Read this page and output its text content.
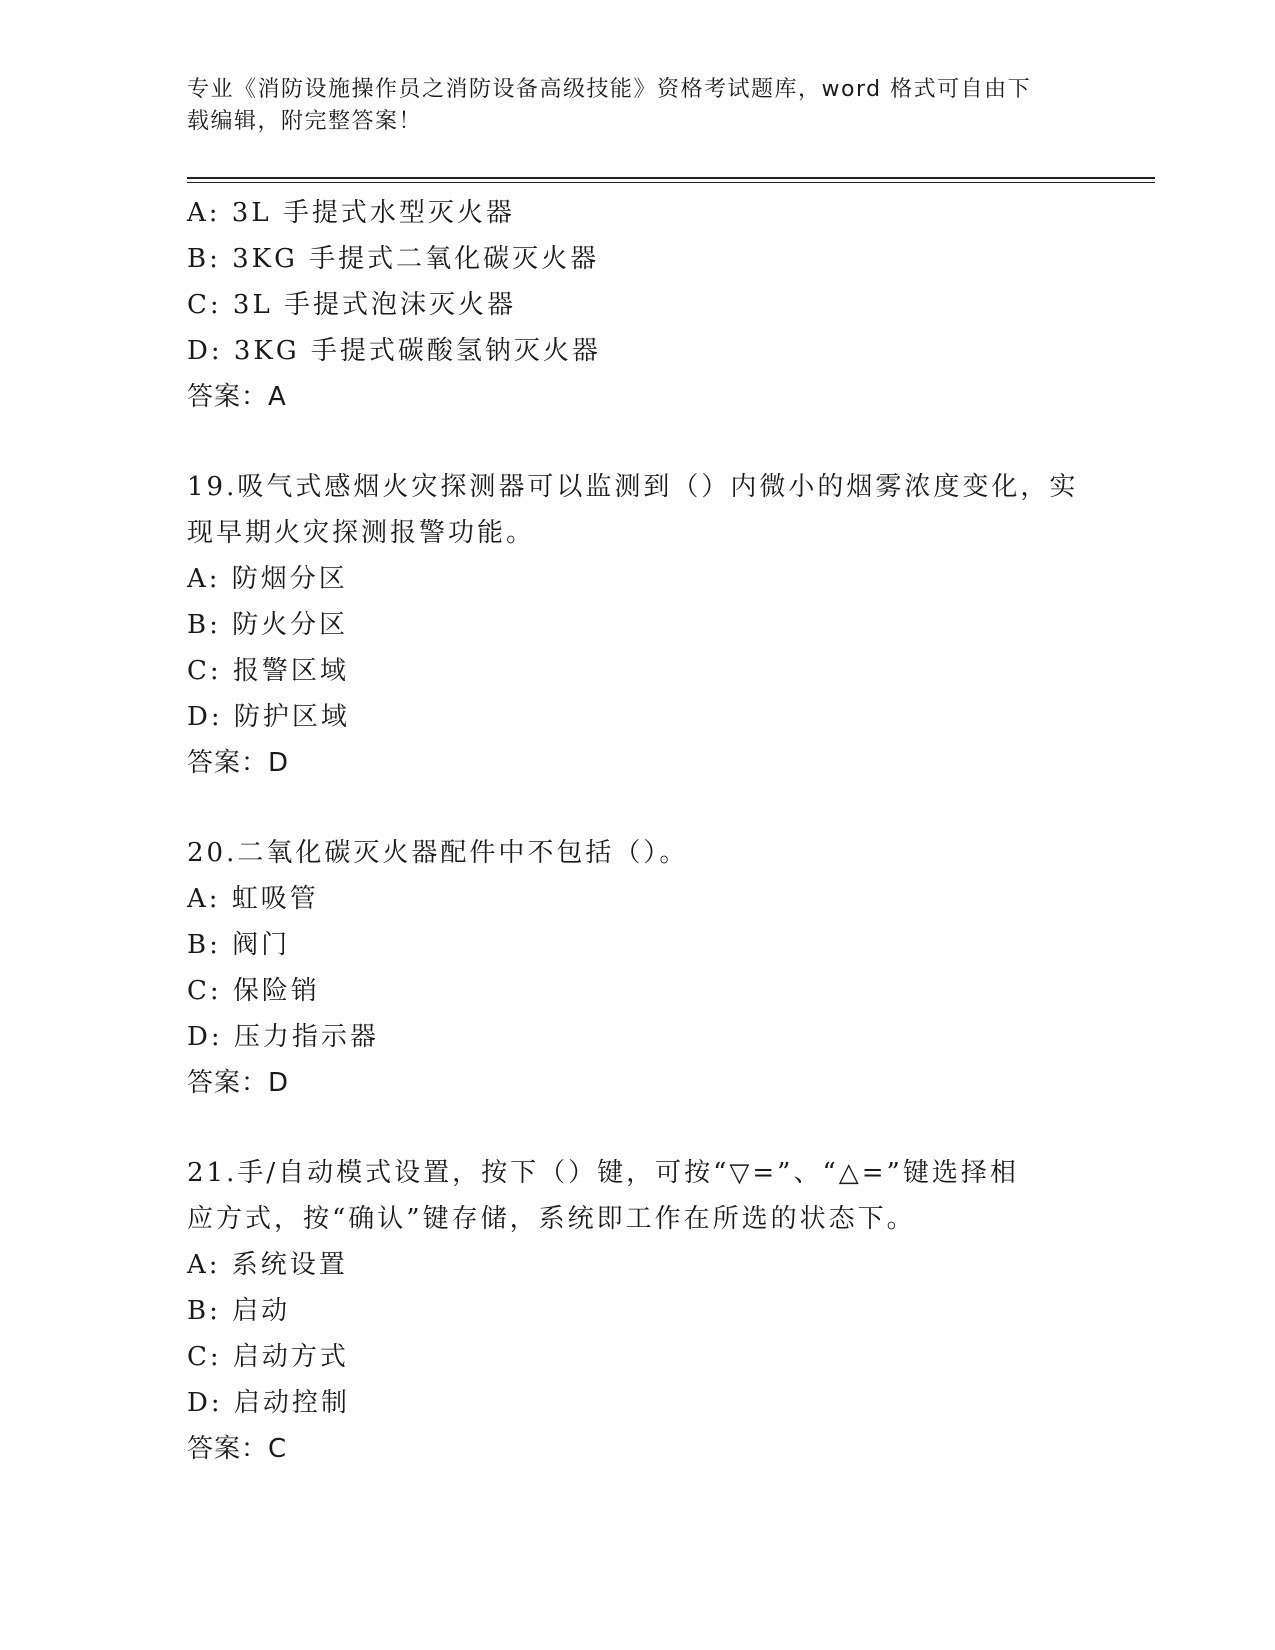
专业《消防设施操作员之消防设备高级技能》资格考试题库，word 格式可自由下
载编辑，附完整答案！
A: 3L 手提式水型灭火器
B: 3KG 手提式二氧化碳灭火器
C: 3L 手提式泡沫灭火器
D: 3KG 手提式碳酸氢钠灭火器
答案：A
19.吸气式感烟火灾探测器可以监测到（）内微小的烟雾浓度变化，实
现早期火灾探测报警功能。
A: 防烟分区
B: 防火分区
C: 报警区域
D: 防护区域
答案：D
20.二氧化碳灭火器配件中不包括（）。
A: 虹吸管
B: 阀门
C: 保险销
D: 压力指示器
答案：D
21.手/自动模式设置，按下（）键，可按“▽=”、“△=”键选择相
应方式，按“确认”键存储，系统即工作在所选的状态下。
A: 系统设置
B: 启动
C: 启动方式
D: 启动控制
答案：C
